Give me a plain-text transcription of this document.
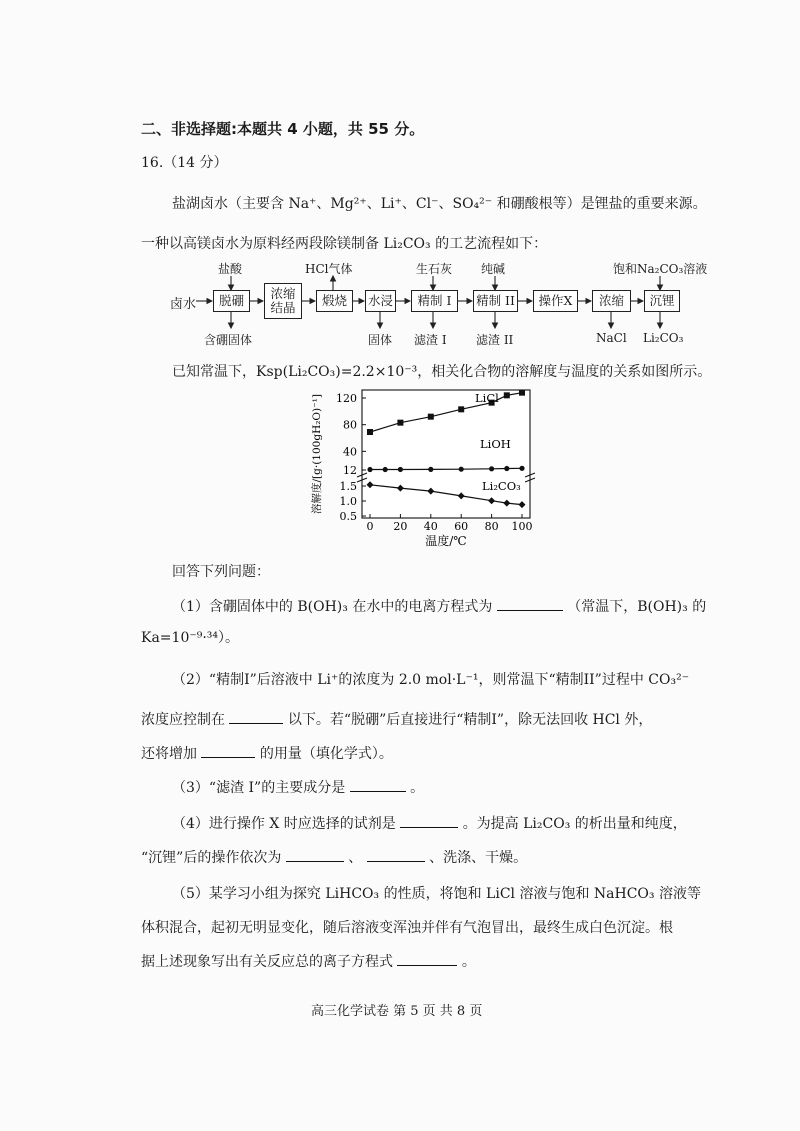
二、非选择题:本题共 4 小题，共 55 分。
16.（14 分）
盐湖卤水（主要含 Na⁺、Mg²⁺、Li⁺、Cl⁻、SO₄²⁻ 和硼酸根等）是锂盐的重要来源。
一种以高镁卤水为原料经两段除镁制备 Li₂CO₃ 的工艺流程如下：
卤水	脱硼	浓缩
结晶	煅烧	水浸	精制 I	精制 II	操作X	浓缩	沉锂
盐酸	HCl气体	生石灰 纯碱	饱和Na₂CO₃溶液
含硼固体	固体 滤渣 I 滤渣 II	NaCl Li₂CO₃
已知常温下，Ksp(Li₂CO₃)=2.2×10⁻³，相关化合物的溶解度与温度的关系如图所示。
120
80
40
12
1.5
1.0
0.5
0 20 40 60 80 100
温度/℃
溶解度/[g·(100gH₂O)⁻¹]	LiCl
LiOH
Li₂CO₃
回答下列问题：
（1）含硼固体中的 B(OH)₃ 在水中的电离方程式为	（常温下，B(OH)₃ 的
Ka=10⁻⁹·³⁴）。
（2）“精制I”后溶液中 Li⁺的浓度为 2.0 mol·L⁻¹，则常温下“精制II”过程中 CO₃²⁻
浓度应控制在	以下。若“脱硼”后直接进行“精制I”，除无法回收 HCl 外，
还将增加	的用量（填化学式）。
（3）“滤渣 I”的主要成分是	。
（4）进行操作 X 时应选择的试剂是	。为提高 Li₂CO₃ 的析出量和纯度，
“沉锂”后的操作依次为	、	、洗涤、干燥。
（5）某学习小组为探究 LiHCO₃ 的性质，将饱和 LiCl 溶液与饱和 NaHCO₃ 溶液等
体积混合，起初无明显变化，随后溶液变浑浊并伴有气泡冒出，最终生成白色沉淀。根
据上述现象写出有关反应总的离子方程式	。
高三化学试卷 第 5 页 共 8 页
